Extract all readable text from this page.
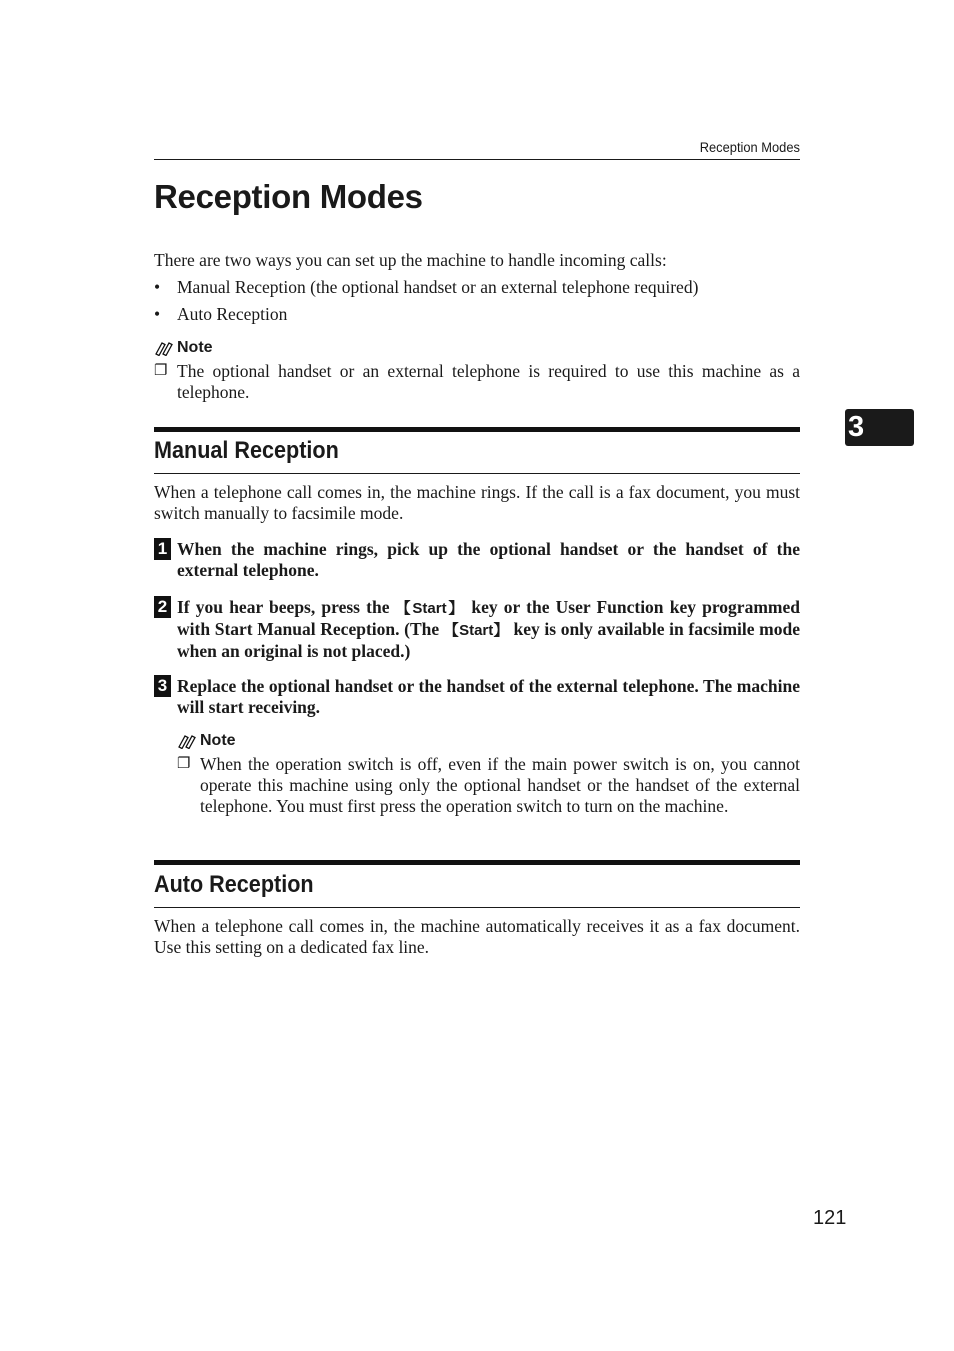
Reception Modes
Reception Modes
There are two ways you can set up the machine to handle incoming calls:
• Manual Reception (the optional handset or an external telephone required)
• Auto Reception
Note
❐ The optional handset or an external telephone is required to use this machine as a telephone.
Manual Reception
When a telephone call comes in, the machine rings. If the call is a fax document, you must switch manually to facsimile mode.
1 When the machine rings, pick up the optional handset or the handset of the external telephone.
2 If you hear beeps, press the 【Start】 key or the User Function key programmed with Start Manual Reception. (The 【Start】 key is only available in facsimile mode when an original is not placed.)
3 Replace the optional handset or the handset of the external telephone. The machine will start receiving.
Note
❐ When the operation switch is off, even if the main power switch is on, you cannot operate this machine using only the optional handset or the handset of the external telephone. You must first press the operation switch to turn on the machine.
Auto Reception
When a telephone call comes in, the machine automatically receives it as a fax document. Use this setting on a dedicated fax line.
3
121
